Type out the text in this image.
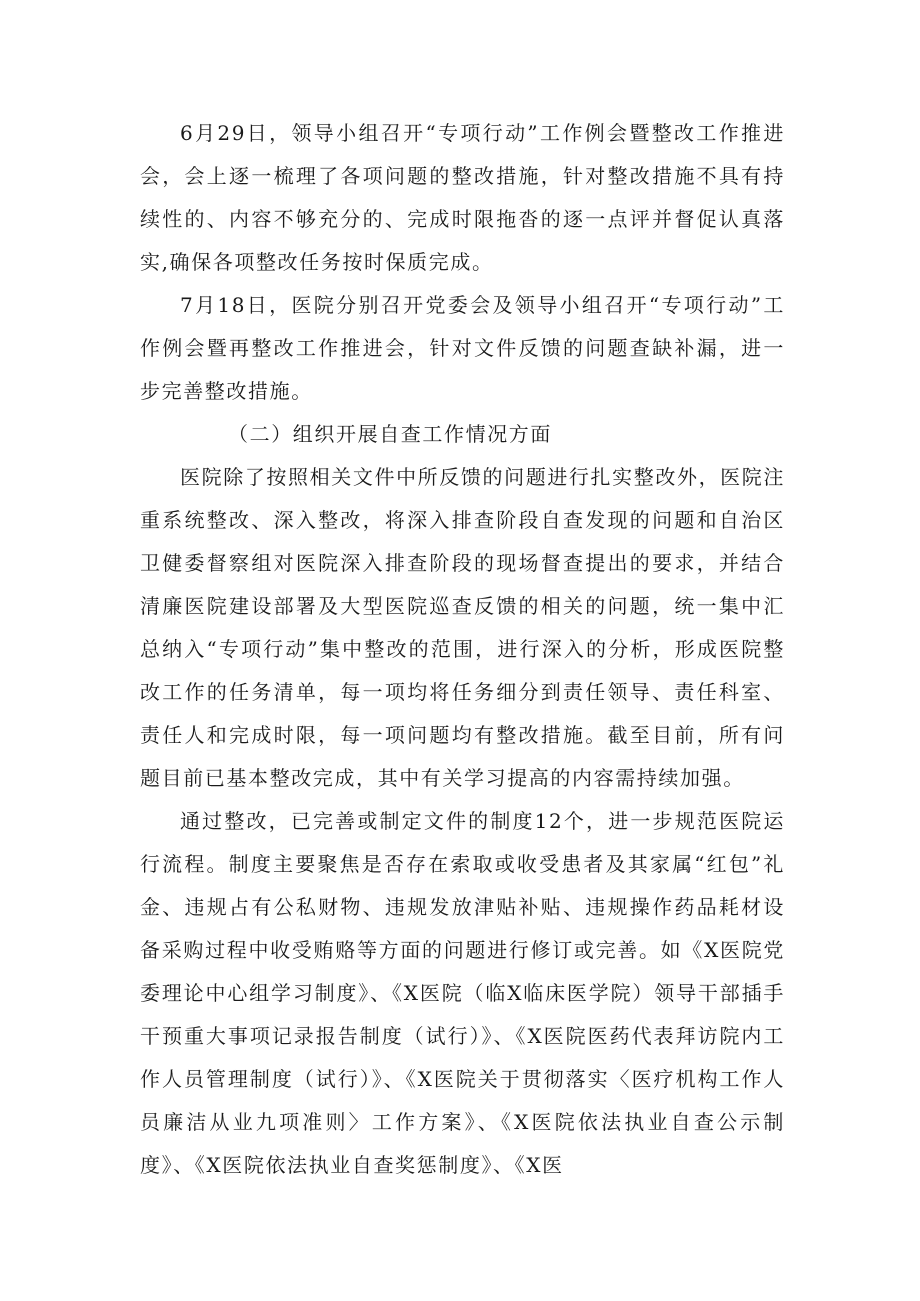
6月29日，领导小组召开“专项行动”工作例会暨整改工作推进会，会上逐一梳理了各项问题的整改措施，针对整改措施不具有持续性的、内容不够充分的、完成时限拖沓的逐一点评并督促认真落实,确保各项整改任务按时保质完成。

7月18日，医院分别召开党委会及领导小组召开“专项行动”工作例会暨再整改工作推进会，针对文件反馈的问题查缺补漏，进一步完善整改措施。

（二）组织开展自查工作情况方面

医院除了按照相关文件中所反馈的问题进行扎实整改外，医院注重系统整改、深入整改，将深入排查阶段自查发现的问题和自治区卫健委督察组对医院深入排查阶段的现场督查提出的要求，并结合清廉医院建设部署及大型医院巡查反馈的相关的问题，统一集中汇总纳入“专项行动”集中整改的范围，进行深入的分析，形成医院整改工作的任务清单，每一项均将任务细分到责任领导、责任科室、责任人和完成时限，每一项问题均有整改措施。截至目前，所有问题目前已基本整改完成，其中有关学习提高的内容需持续加强。

通过整改，已完善或制定文件的制度12个，进一步规范医院运行流程。制度主要聚焦是否存在索取或收受患者及其家属“红包”礼金、违规占有公私财物、违规发放津贴补贴、违规操作药品耗材设备采购过程中收受贿赂等方面的问题进行修订或完善。如《X医院党委理论中心组学习制度》、《X医院（临X临床医学院）领导干部插手干预重大事项记录报告制度（试行）》、《X医院医药代表拜访院内工作人员管理制度（试行）》、《X医院关于贯彻落实〈医疗机构工作人员廉洁从业九项准则〉工作方案》、《X医院依法执业自查公示制度》、《X医院依法执业自查奖惩制度》、《X医
